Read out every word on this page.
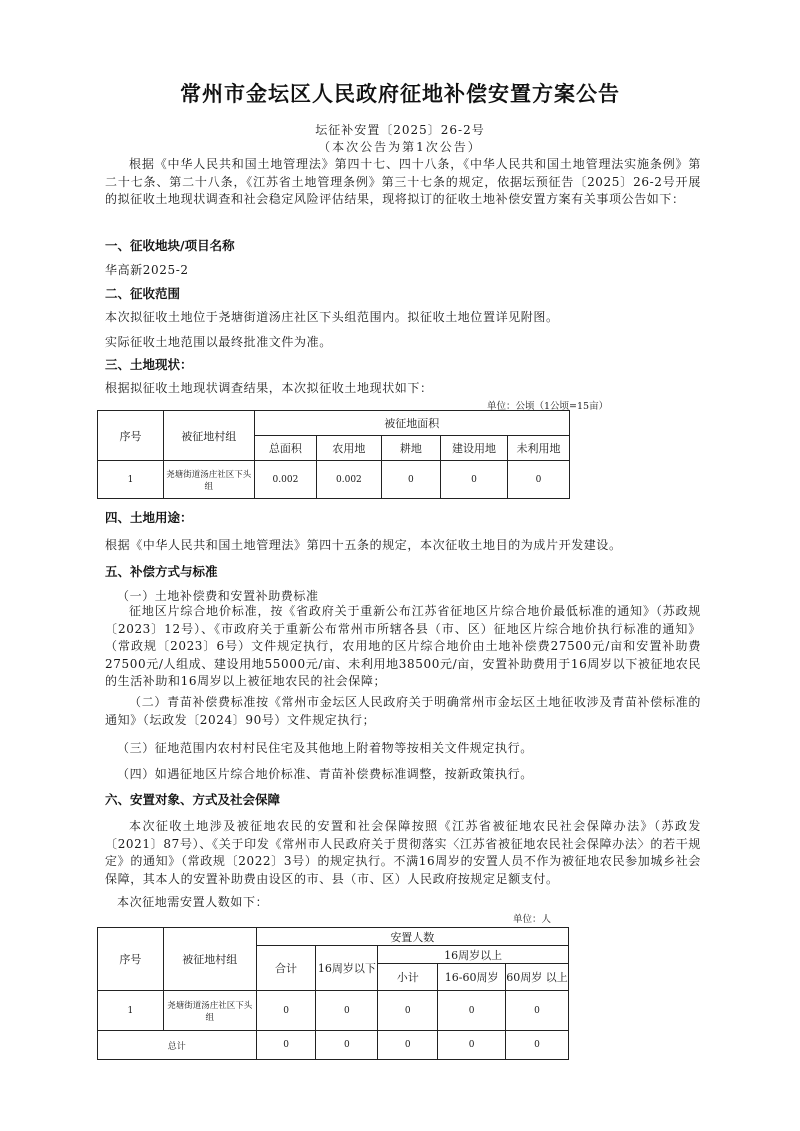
常州市金坛区人民政府征地补偿安置方案公告
坛征补安置〔2025〕26-2号
（本次公告为第1次公告）
根据《中华人民共和国土地管理法》第四十七、四十八条，《中华人民共和国土地管理法实施条例》第二十七条、第二十八条，《江苏省土地管理条例》第三十七条的规定，依据坛预征告〔2025〕26-2号开展的拟征收土地现状调查和社会稳定风险评估结果，现将拟订的征收土地补偿安置方案有关事项公告如下：
一、征收地块/项目名称
华高新2025-2
二、征收范围
本次拟征收土地位于尧塘街道汤庄社区下头组范围内。拟征收土地位置详见附图。
实际征收土地范围以最终批准文件为准。
三、土地现状：
根据拟征收土地现状调查结果，本次拟征收土地现状如下：
单位：公顷（1公顷=15亩）
序号	被征地村组	被征地面积				
		总面积	农用地	耕地	建设用地	未利用地
1	尧塘街道汤庄社区下头组	0.002	0.002	0	0	0
四、土地用途：
根据《中华人民共和国土地管理法》第四十五条的规定，本次征收土地目的为成片开发建设。
五、补偿方式与标准
（一）土地补偿费和安置补助费标准
征地区片综合地价标准，按《省政府关于重新公布江苏省征地区片综合地价最低标准的通知》（苏政规〔2023〕12号）、《市政府关于重新公布常州市所辖各县（市、区）征地区片综合地价执行标准的通知》（常政规〔2023〕6号）文件规定执行，农用地的区片综合地价由土地补偿费27500元/亩和安置补助费27500元/人组成、建设用地55000元/亩、未利用地38500元/亩，安置补助费用于16周岁以下被征地农民的生活补助和16周岁以上被征地农民的社会保障；
（二）青苗补偿费标准按《常州市金坛区人民政府关于明确常州市金坛区土地征收涉及青苗补偿标准的通知》（坛政发〔2024〕90号）文件规定执行；
（三）征地范围内农村村民住宅及其他地上附着物等按相关文件规定执行。
（四）如遇征地区片综合地价标准、青苗补偿费标准调整，按新政策执行。
六、安置对象、方式及社会保障
本次征收土地涉及被征地农民的安置和社会保障按照《江苏省被征地农民社会保障办法》（苏政发〔2021〕87号）、《关于印发《常州市人民政府关于贯彻落实〈江苏省被征地农民社会保障办法〉的若干规定》的通知》（常政规〔2022〕3号）的规定执行。不满16周岁的安置人员不作为被征地农民参加城乡社会保障，其本人的安置补助费由设区的市、县（市、区）人民政府按规定足额支付。
本次征地需安置人数如下：
单位：人
序号	被征地村组	安置人数				
		合计	16周岁以下	16周岁以上		
				小计	16-60周岁	60周岁 以上
1	尧塘街道汤庄社区下头组	0	0	0	0	0
总计		0	0	0	0	0
